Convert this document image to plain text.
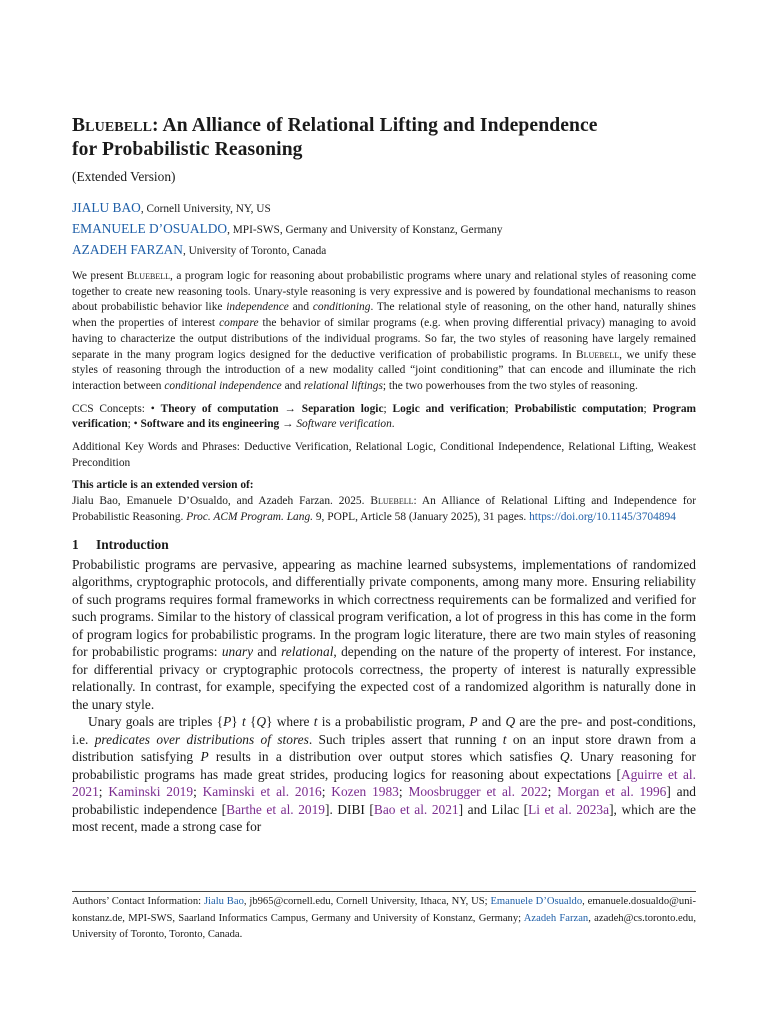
Bluebell: An Alliance of Relational Lifting and Independence
for Probabilistic Reasoning
(Extended Version)
JIALU BAO, Cornell University, NY, US
EMANUELE D’OSUALDO, MPI-SWS, Germany and University of Konstanz, Germany
AZADEH FARZAN, University of Toronto, Canada

We present Bluebell, a program logic for reasoning about probabilistic programs where unary and relational styles of reasoning come together to create new reasoning tools. Unary-style reasoning is very expressive and is powered by foundational mechanisms to reason about probabilistic behavior like independence and conditioning. The relational style of reasoning, on the other hand, naturally shines when the properties of interest compare the behavior of similar programs (e.g. when proving differential privacy) managing to avoid having to characterize the output distributions of the individual programs. So far, the two styles of reasoning have largely remained separate in the many program logics designed for the deductive verification of probabilistic programs. In Bluebell, we unify these styles of reasoning through the introduction of a new modality called “joint conditioning” that can encode and illuminate the rich interaction between conditional independence and relational liftings; the two powerhouses from the two styles of reasoning.

CCS Concepts: • Theory of computation → Separation logic; Logic and verification; Probabilistic computation; Program verification; • Software and its engineering → Software verification.

Additional Key Words and Phrases: Deductive Verification, Relational Logic, Conditional Independence, Relational Lifting, Weakest Precondition

This article is an extended version of:

Jialu Bao, Emanuele D’Osualdo, and Azadeh Farzan. 2025. Bluebell: An Alliance of Relational Lifting and Independence for Probabilistic Reasoning. Proc. ACM Program. Lang. 9, POPL, Article 58 (January 2025), 31 pages. https://doi.org/10.1145/3704894

1 Introduction

Probabilistic programs are pervasive, appearing as machine learned subsystems, implementations of randomized algorithms, cryptographic protocols, and differentially private components, among many more. Ensuring reliability of such programs requires formal frameworks in which correctness requirements can be formalized and verified for such programs. Similar to the history of classical program verification, a lot of progress in this has come in the form of program logics for probabilistic programs. In the program logic literature, there are two main styles of reasoning for probabilistic programs: unary and relational, depending on the nature of the property of interest. For instance, for differential privacy or cryptographic protocols correctness, the property of interest is naturally expressible relationally. In contrast, for example, specifying the expected cost of a randomized algorithm is naturally done in the unary style.

Unary goals are triples {P} t {Q} where t is a probabilistic program, P and Q are the pre- and post-conditions, i.e. predicates over distributions of stores. Such triples assert that running t on an input store drawn from a distribution satisfying P results in a distribution over output stores which satisfies Q. Unary reasoning for probabilistic programs has made great strides, producing logics for reasoning about expectations [Aguirre et al. 2021; Kaminski 2019; Kaminski et al. 2016; Kozen 1983; Moosbrugger et al. 2022; Morgan et al. 1996] and probabilistic independence [Barthe et al. 2019]. DIBI [Bao et al. 2021] and Lilac [Li et al. 2023a], which are the most recent, made a strong case for

Authors’ Contact Information: Jialu Bao, jb965@cornell.edu, Cornell University, Ithaca, NY, US; Emanuele D’Osualdo, emanuele.dosualdo@uni-konstanz.de, MPI-SWS, Saarland Informatics Campus, Germany and University of Konstanz, Germany; Azadeh Farzan, azadeh@cs.toronto.edu, University of Toronto, Toronto, Canada.
